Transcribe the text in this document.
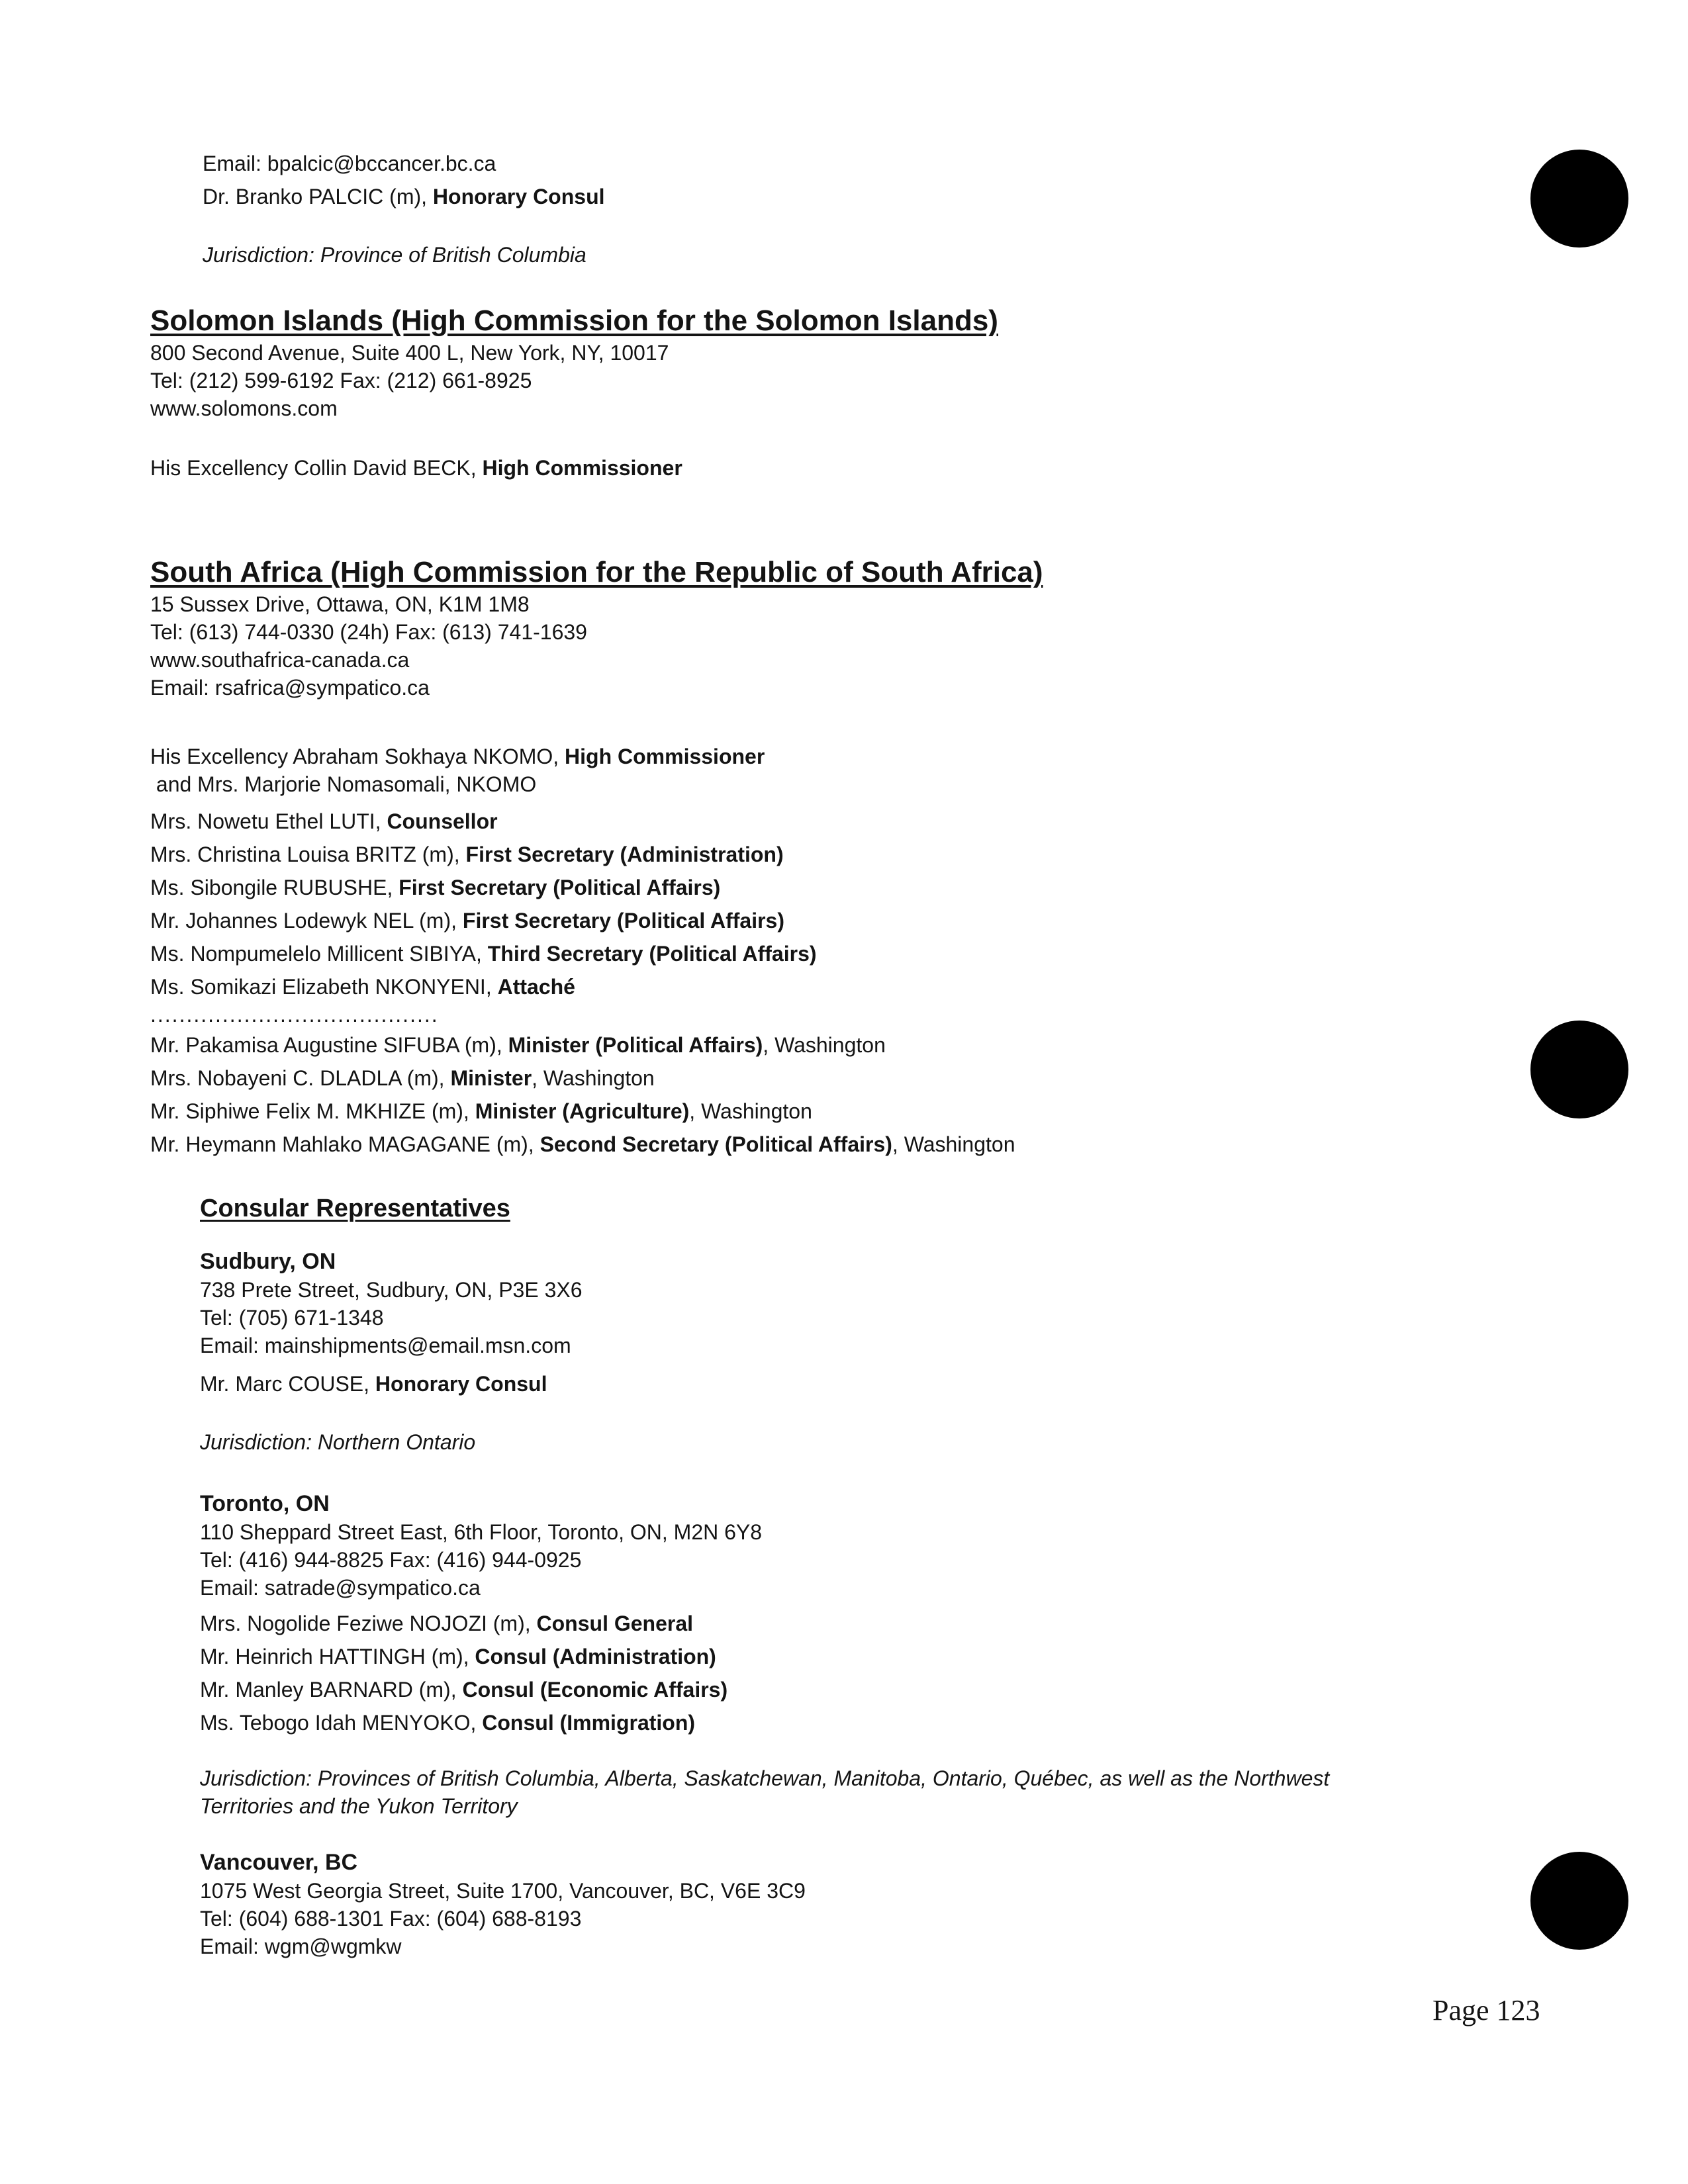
Email: bpalcic@bccancer.bc.ca
Dr. Branko PALCIC (m), Honorary Consul
Jurisdiction: Province of British Columbia
Solomon Islands (High Commission for the Solomon Islands)
800 Second Avenue, Suite 400 L, New York, NY, 10017
Tel: (212) 599-6192 Fax: (212) 661-8925
www.solomons.com
His Excellency Collin David BECK, High Commissioner
South Africa (High Commission for the Republic of South Africa)
15 Sussex Drive, Ottawa, ON, K1M 1M8
Tel: (613) 744-0330 (24h) Fax: (613) 741-1639
www.southafrica-canada.ca
Email: rsafrica@sympatico.ca
His Excellency Abraham Sokhaya NKOMO, High Commissioner
and Mrs. Marjorie Nomasomali, NKOMO
Mrs. Nowetu Ethel LUTI, Counsellor
Mrs. Christina Louisa BRITZ (m), First Secretary (Administration)
Ms. Sibongile RUBUSHE, First Secretary (Political Affairs)
Mr. Johannes Lodewyk NEL (m), First Secretary (Political Affairs)
Ms. Nompumelelo Millicent SIBIYA, Third Secretary (Political Affairs)
Ms. Somikazi Elizabeth NKONYENI, Attaché
........................................
Mr. Pakamisa Augustine SIFUBA (m), Minister (Political Affairs), Washington
Mrs. Nobayeni C. DLADLA (m), Minister, Washington
Mr. Siphiwe Felix M. MKHIZE (m), Minister (Agriculture), Washington
Mr. Heymann Mahlako MAGAGANE (m), Second Secretary (Political Affairs), Washington
Consular Representatives
Sudbury, ON
738 Prete Street, Sudbury, ON, P3E 3X6
Tel: (705) 671-1348
Email: mainshipments@email.msn.com
Mr. Marc COUSE, Honorary Consul
Jurisdiction: Northern Ontario
Toronto, ON
110 Sheppard Street East, 6th Floor, Toronto, ON, M2N 6Y8
Tel: (416) 944-8825 Fax: (416) 944-0925
Email: satrade@sympatico.ca
Mrs. Nogolide Feziwe NOJOZI (m), Consul General
Mr. Heinrich HATTINGH (m), Consul (Administration)
Mr. Manley BARNARD (m), Consul (Economic Affairs)
Ms. Tebogo Idah MENYOKO, Consul (Immigration)
Jurisdiction: Provinces of British Columbia, Alberta, Saskatchewan, Manitoba, Ontario, Québec, as well as the Northwest
Territories and the Yukon Territory
Vancouver, BC
1075 West Georgia Street, Suite 1700, Vancouver, BC, V6E 3C9
Tel: (604) 688-1301 Fax: (604) 688-8193
Email: wgm@wgmkw
Page 123
